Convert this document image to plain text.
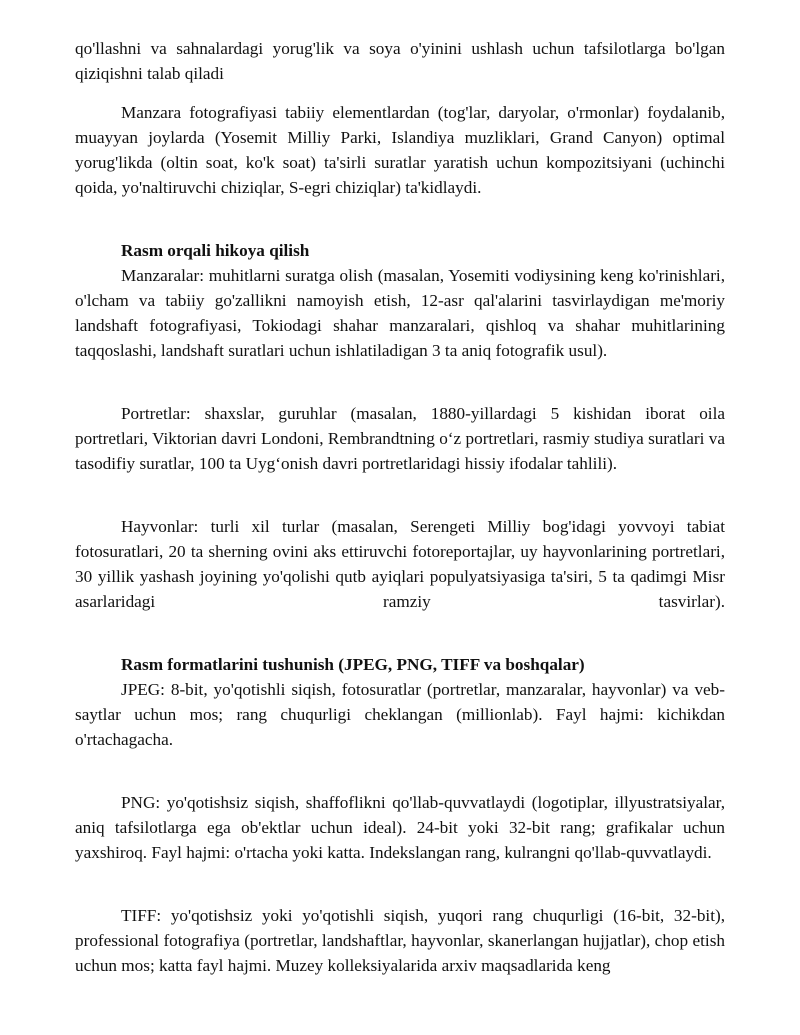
qo'llashni va sahnalardagi yorug'lik va soya o'yinini ushlash uchun tafsilotlarga bo'lgan qiziqishni talab qiladi

Manzara fotografiyasi tabiiy elementlardan (tog'lar, daryolar, o'rmonlar) foydalanib, muayyan joylarda (Yosemit Milliy Parki, Islandiya muzliklari, Grand Canyon) optimal yorug'likda (oltin soat, ko'k soat) ta'sirli suratlar yaratish uchun kompozitsiyani (uchinchi qoida, yo'naltiruvchi chiziqlar, S-egri chiziqlar) ta'kidlaydi.

Rasm orqali hikoya qilish

Manzaralar: muhitlarni suratga olish (masalan, Yosemiti vodiysining keng ko'rinishlari, o'lcham va tabiiy go'zallikni namoyish etish, 12-asr qal'alarini tasvirlaydigan me'moriy landshaft fotografiyasi, Tokiodagi shahar manzaralari, qishloq va shahar muhitlarining taqqoslashi, landshaft suratlari uchun ishlatiladigan 3 ta aniq fotografik usul).

Portretlar: shaxslar, guruhlar (masalan, 1880-yillardagi 5 kishidan iborat oila portretlari, Viktorian davri Londoni, Rembrandtning o‘z portretlari, rasmiy studiya suratlari va tasodifiy suratlar, 100 ta Uyg‘onish davri portretlaridagi hissiy ifodalar tahlili).

Hayvonlar: turli xil turlar (masalan, Serengeti Milliy bog'idagi yovvoyi tabiat fotosuratlari, 20 ta sherning ovini aks ettiruvchi fotoreportajlar, uy hayvonlarining portretlari, 30 yillik yashash joyining yo'qolishi qutb ayiqlari populyatsiyasiga ta'siri, 5 ta qadimgi Misr asarlaridagi ramziy tasvirlar).

Rasm formatlarini tushunish (JPEG, PNG, TIFF va boshqalar)

JPEG: 8-bit, yo'qotishli siqish, fotosuratlar (portretlar, manzaralar, hayvonlar) va veb-saytlar uchun mos; rang chuqurligi cheklangan (millionlab). Fayl hajmi: kichikdan o'rtachagacha.

PNG: yo'qotishsiz siqish, shaffoflikni qo'llab-quvvatlaydi (logotiplar, illyustratsiyalar, aniq tafsilotlarga ega ob'ektlar uchun ideal). 24-bit yoki 32-bit rang; grafikalar uchun yaxshiroq. Fayl hajmi: o'rtacha yoki katta. Indekslangan rang, kulrangni qo'llab-quvvatlaydi.

TIFF: yo'qotishsiz yoki yo'qotishli siqish, yuqori rang chuqurligi (16-bit, 32-bit), professional fotografiya (portretlar, landshaftlar, hayvonlar, skanerlangan hujjatlar), chop etish uchun mos; katta fayl hajmi. Muzey kolleksiyalarida arxiv maqsadlarida keng
